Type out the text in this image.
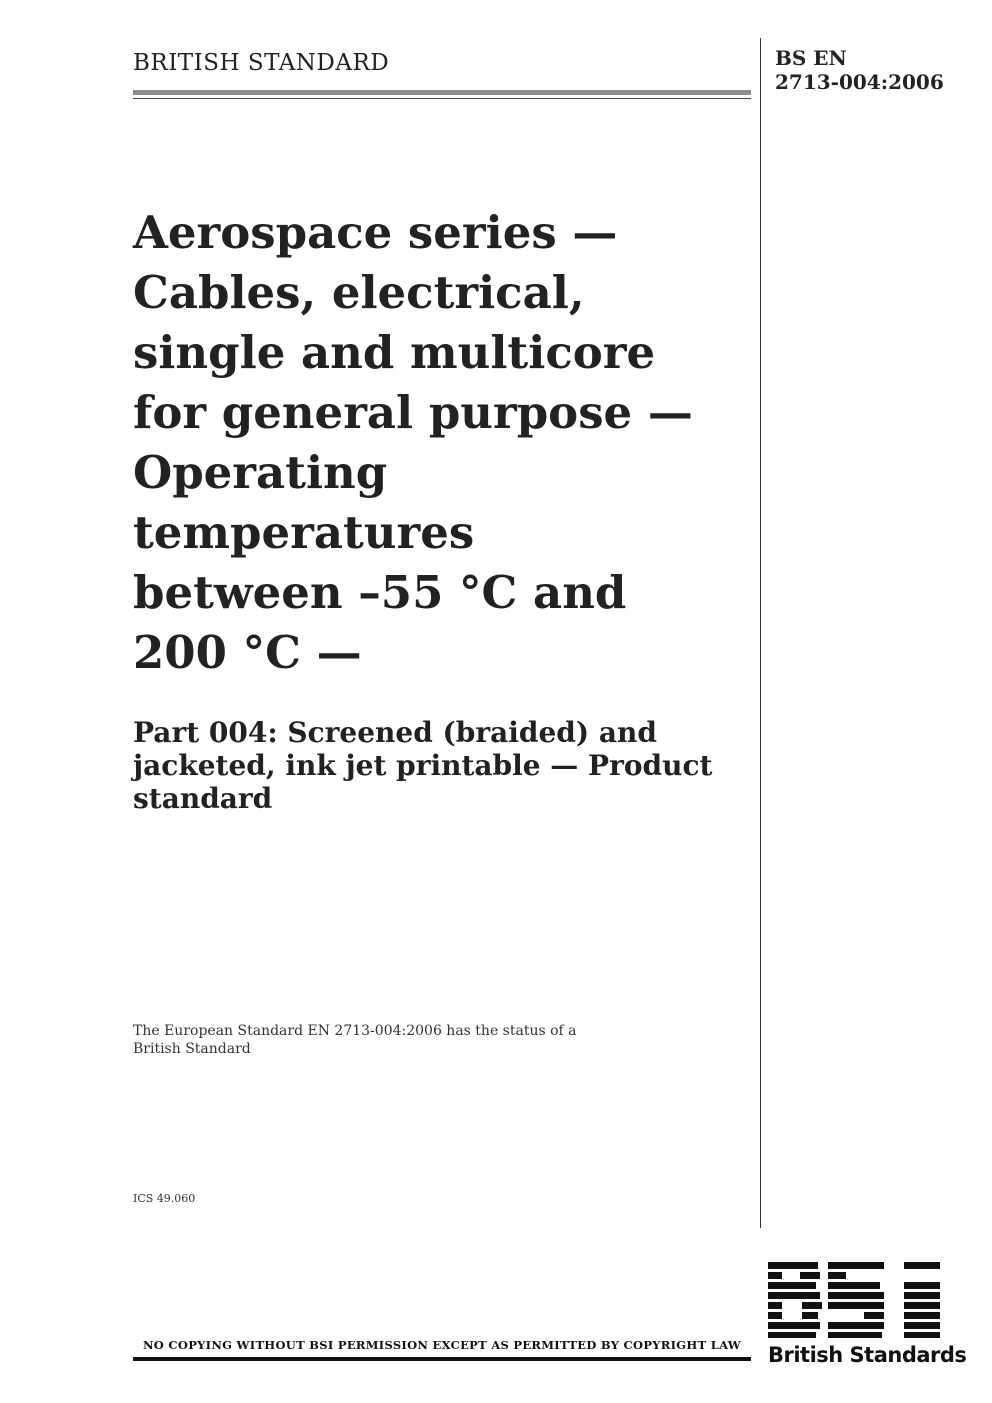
BRITISH STANDARD	BS EN
2713-004:2006
Aerospace series —
Cables, electrical,
single and multicore
for general purpose —
Operating
temperatures
between –55 °C and
200 °C —
Part 004: Screened (braided) and
jacketed, ink jet printable — Product
standard
The European Standard EN 2713-004:2006 has the status of a
British Standard
ICS 49.060
NO COPYING WITHOUT BSI PERMISSION EXCEPT AS PERMITTED BY COPYRIGHT LAW	British Standards
